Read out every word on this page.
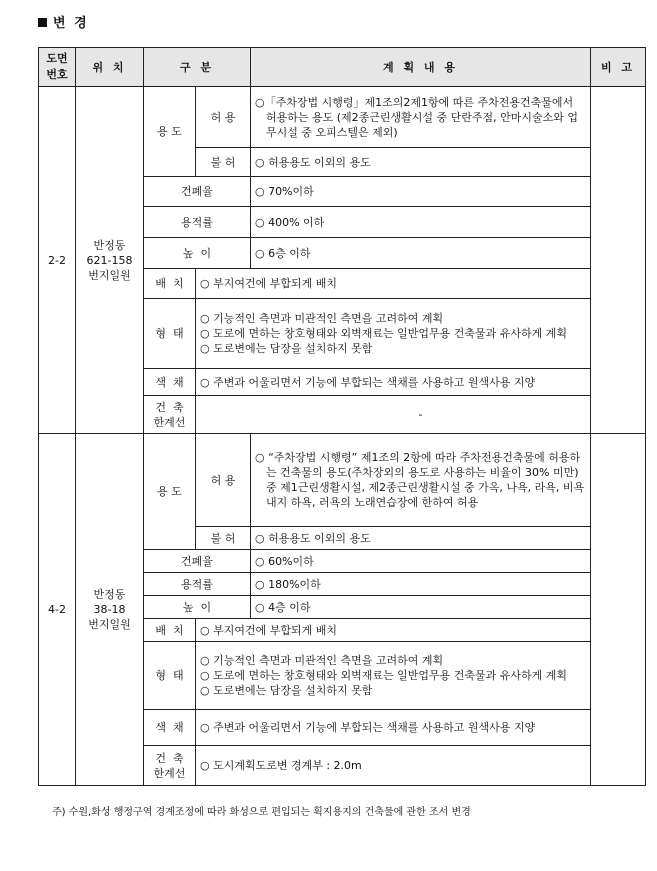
변 경
도면
번호	위 치	구 분		계 획 내 용	비 고
2-2	반정동
621-158
번지일원	용 도	허 용	○「주차장법 시행령」제1조의2제1항에 따른 주차전용건축물에서 허용하는 용도 (제2종근린생활시설 중 단란주점, 안마시술소와 업무시설 중 오피스텔은 제외)	

			불 허	○ 허용용도 이외의 용도	
		건폐율		○ 70%이하	
		용적률		○ 400% 이하	
		높  이		○ 6층 이하	
		배  치	○ 부지여건에 부합되게 배치		
		형  태	○ 기능적인 측면과 미관적인 측면을 고려하여 계획
○ 도로에 면하는 창호형태와 외벽재료는 일반업무용 건축물과 유사하게 계획
○ 도로변에는 담장을 설치하지 못함		

		색  채	○ 주변과 어울리면서 기능에 부합되는 색채를 사용하고 원색사용 지양		
		건  축
한계선	-		
4-2	반정동
38-18
번지일원	용 도	허 용	○ “주차장법 시행령” 제1조의 2항에 따라 주차전용건축물에 허용하는 건축물의 용도(주차장외의 용도로 사용하는 비율이 30% 미만) 중 제1근린생활시설, 제2종근린생활시설 중 가옥, 나욕, 라욕, 비욕 내지 하욕, 러욕의 노래연습장에 한하여 허용	

			불 허	○ 허용용도 이외의 용도	
		건폐율		○ 60%이하	
		용적률		○ 180%이하	
		높  이		○ 4층 이하	
		배  치	○ 부지여건에 부합되게 배치		
		형  태	○ 기능적인 측면과 미관적인 측면을 고려하여 계획
○ 도로에 면하는 창호형태와 외벽재료는 일반업무용 건축물과 유사하게 계획
○ 도로변에는 담장을 설치하지 못함		

		색  채	○ 주변과 어울리면서 기능에 부합되는 색채를 사용하고 원색사용 지양		

		건  축
한계선	○ 도시계획도로변 경계부 : 2.0m		
주) 수원,화성 행정구역 경계조정에 따라 화성으로 편입되는 획지용지의 건축물에 관한 조서 변경
